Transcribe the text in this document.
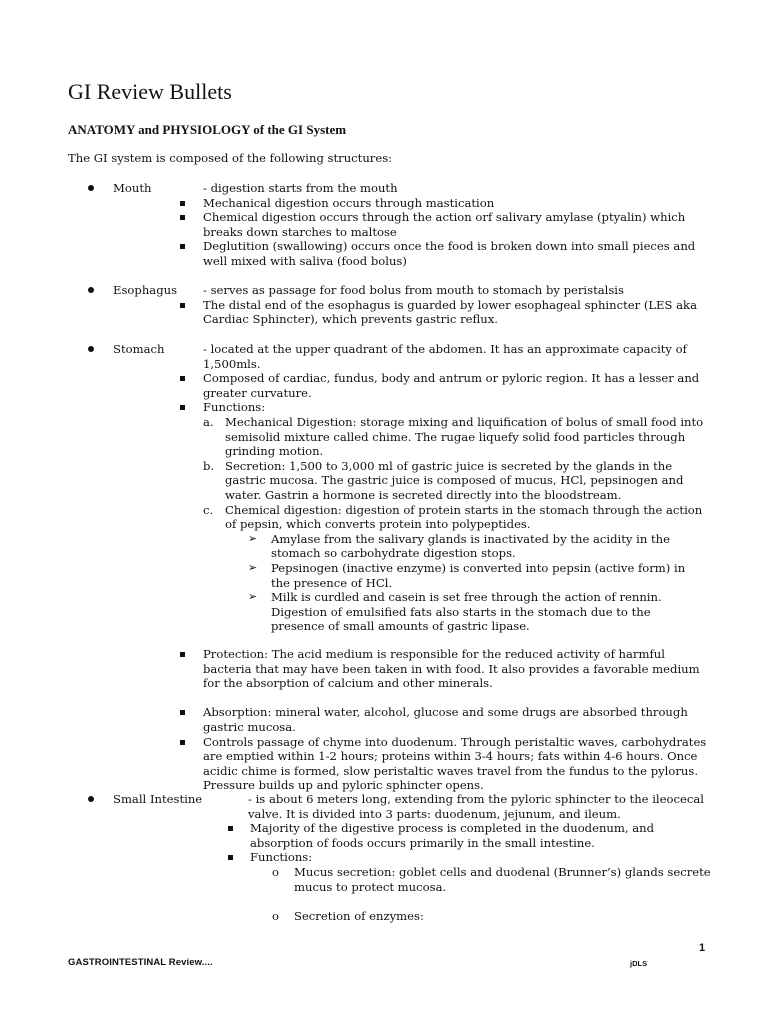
GI Review Bullets
ANATOMY and PHYSIOLOGY of the GI System
The GI system is composed of the following structures:
Mouth	- digestion starts from the mouth
Mechanical digestion occurs through mastication
Chemical digestion occurs through the action orf salivary amylase (ptyalin) which breaks down starches to maltose
Deglutition (swallowing) occurs once the food is broken down into small pieces and well mixed with saliva (food bolus)
Esophagus - serves as passage for food bolus from mouth to stomach by peristalsis
The distal end of the esophagus is guarded by lower esophageal sphincter (LES aka Cardiac Sphincter), which prevents gastric reflux.
Stomach	- located at the upper quadrant of the abdomen. It has an approximate capacity of 1,500mls.
Composed of cardiac, fundus, body and antrum or pyloric region. It has a lesser and greater curvature.
Functions:
a. Mechanical Digestion: storage mixing and liquification of bolus of small food into semisolid mixture called chime. The rugae liquefy solid food particles through grinding motion.
b. Secretion: 1,500 to 3,000 ml of gastric juice is secreted by the glands in the gastric mucosa. The gastric juice is composed of mucus, HCl, pepsinogen and water. Gastrin a hormone is secreted directly into the bloodstream.
c. Chemical digestion: digestion of protein starts in the stomach through the action of pepsin, which converts protein into polypeptides.
➢ Amylase from the salivary glands is inactivated by the acidity in the stomach so carbohydrate digestion stops.
➢ Pepsinogen (inactive enzyme) is converted into pepsin (active form) in the presence of HCl.
➢ Milk is curdled and casein is set free through the action of rennin. Digestion of emulsified fats also starts in the stomach due to the presence of small amounts of gastric lipase.
Protection: The acid medium is responsible for the reduced activity of harmful bacteria that may have been taken in with food. It also provides a favorable medium for the absorption of calcium and other minerals.
Absorption: mineral water, alcohol, glucose and some drugs are absorbed through gastric mucosa.
Controls passage of chyme into duodenum. Through peristaltic waves, carbohydrates are emptied within 1-2 hours; proteins within 3-4 hours; fats within 4-6 hours. Once acidic chime is formed, slow peristaltic waves travel from the fundus to the pylorus. Pressure builds up and pyloric sphincter opens.
Small Intestine	- is about 6 meters long, extending from the pyloric sphincter to the ileocecal valve. It is divided into 3 parts: duodenum, jejunum, and ileum.
Majority of the digestive process is completed in the duodenum, and absorption of foods occurs primarily in the small intestine.
Functions:
o Mucus secretion: goblet cells and duodenal (Brunner’s) glands secrete mucus to protect mucosa.
o Secretion of enzymes:
1
GASTROINTESTINAL Review....	jDLS
